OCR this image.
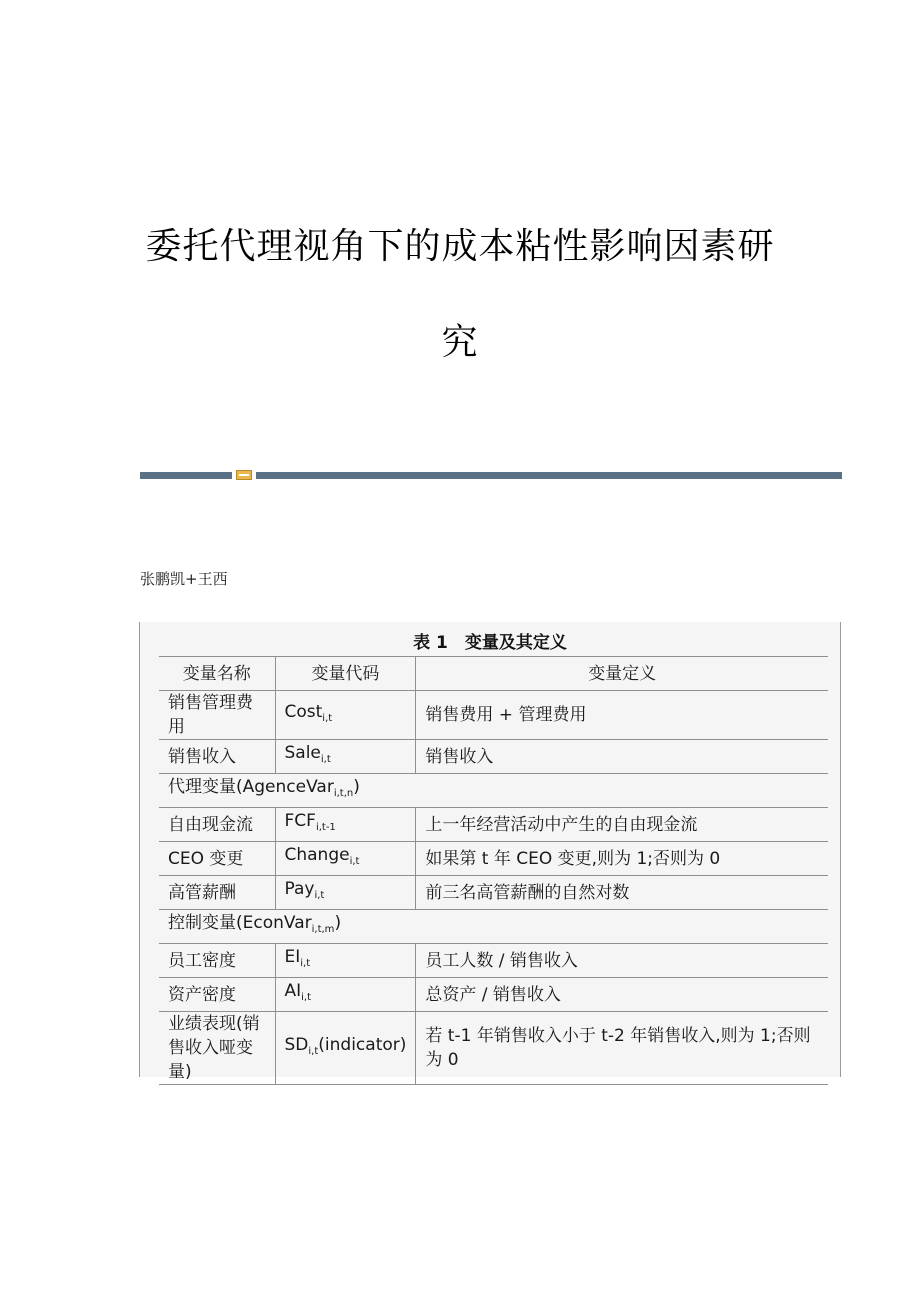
委托代理视角下的成本粘性影响因素研
究
张鹏凯+王西
表 1　变量及其定义
变量名称	变量代码	变量定义
销售管理费用	Cost$_{i,t}$	销售费用 + 管理费用
销售收入	Sale$_{i,t}$	销售收入
代理变量(AgenceVar$_{i,t,n}$)		
自由现金流	$FCF_{i,t-1}$	上一年经营活动中产生的自由现金流
CEO 变更	Change$_{i,t}$	如果第 t 年 CEO 变更,则为 1;否则为 0
高管薪酬	Pay$_{i,t}$	前三名高管薪酬的自然对数
控制变量(EconVar$_{i,t,m}$)		
员工密度	$EI_{i,t}$	员工人数 / 销售收入
资产密度	$AI_{i,t}$	总资产 / 销售收入
业绩表现(销售收入哑变量)	$SD_{i,t}(indicator)$	若 t-1 年销售收入小于 t-2 年销售收入,则为 1;否则为 0
